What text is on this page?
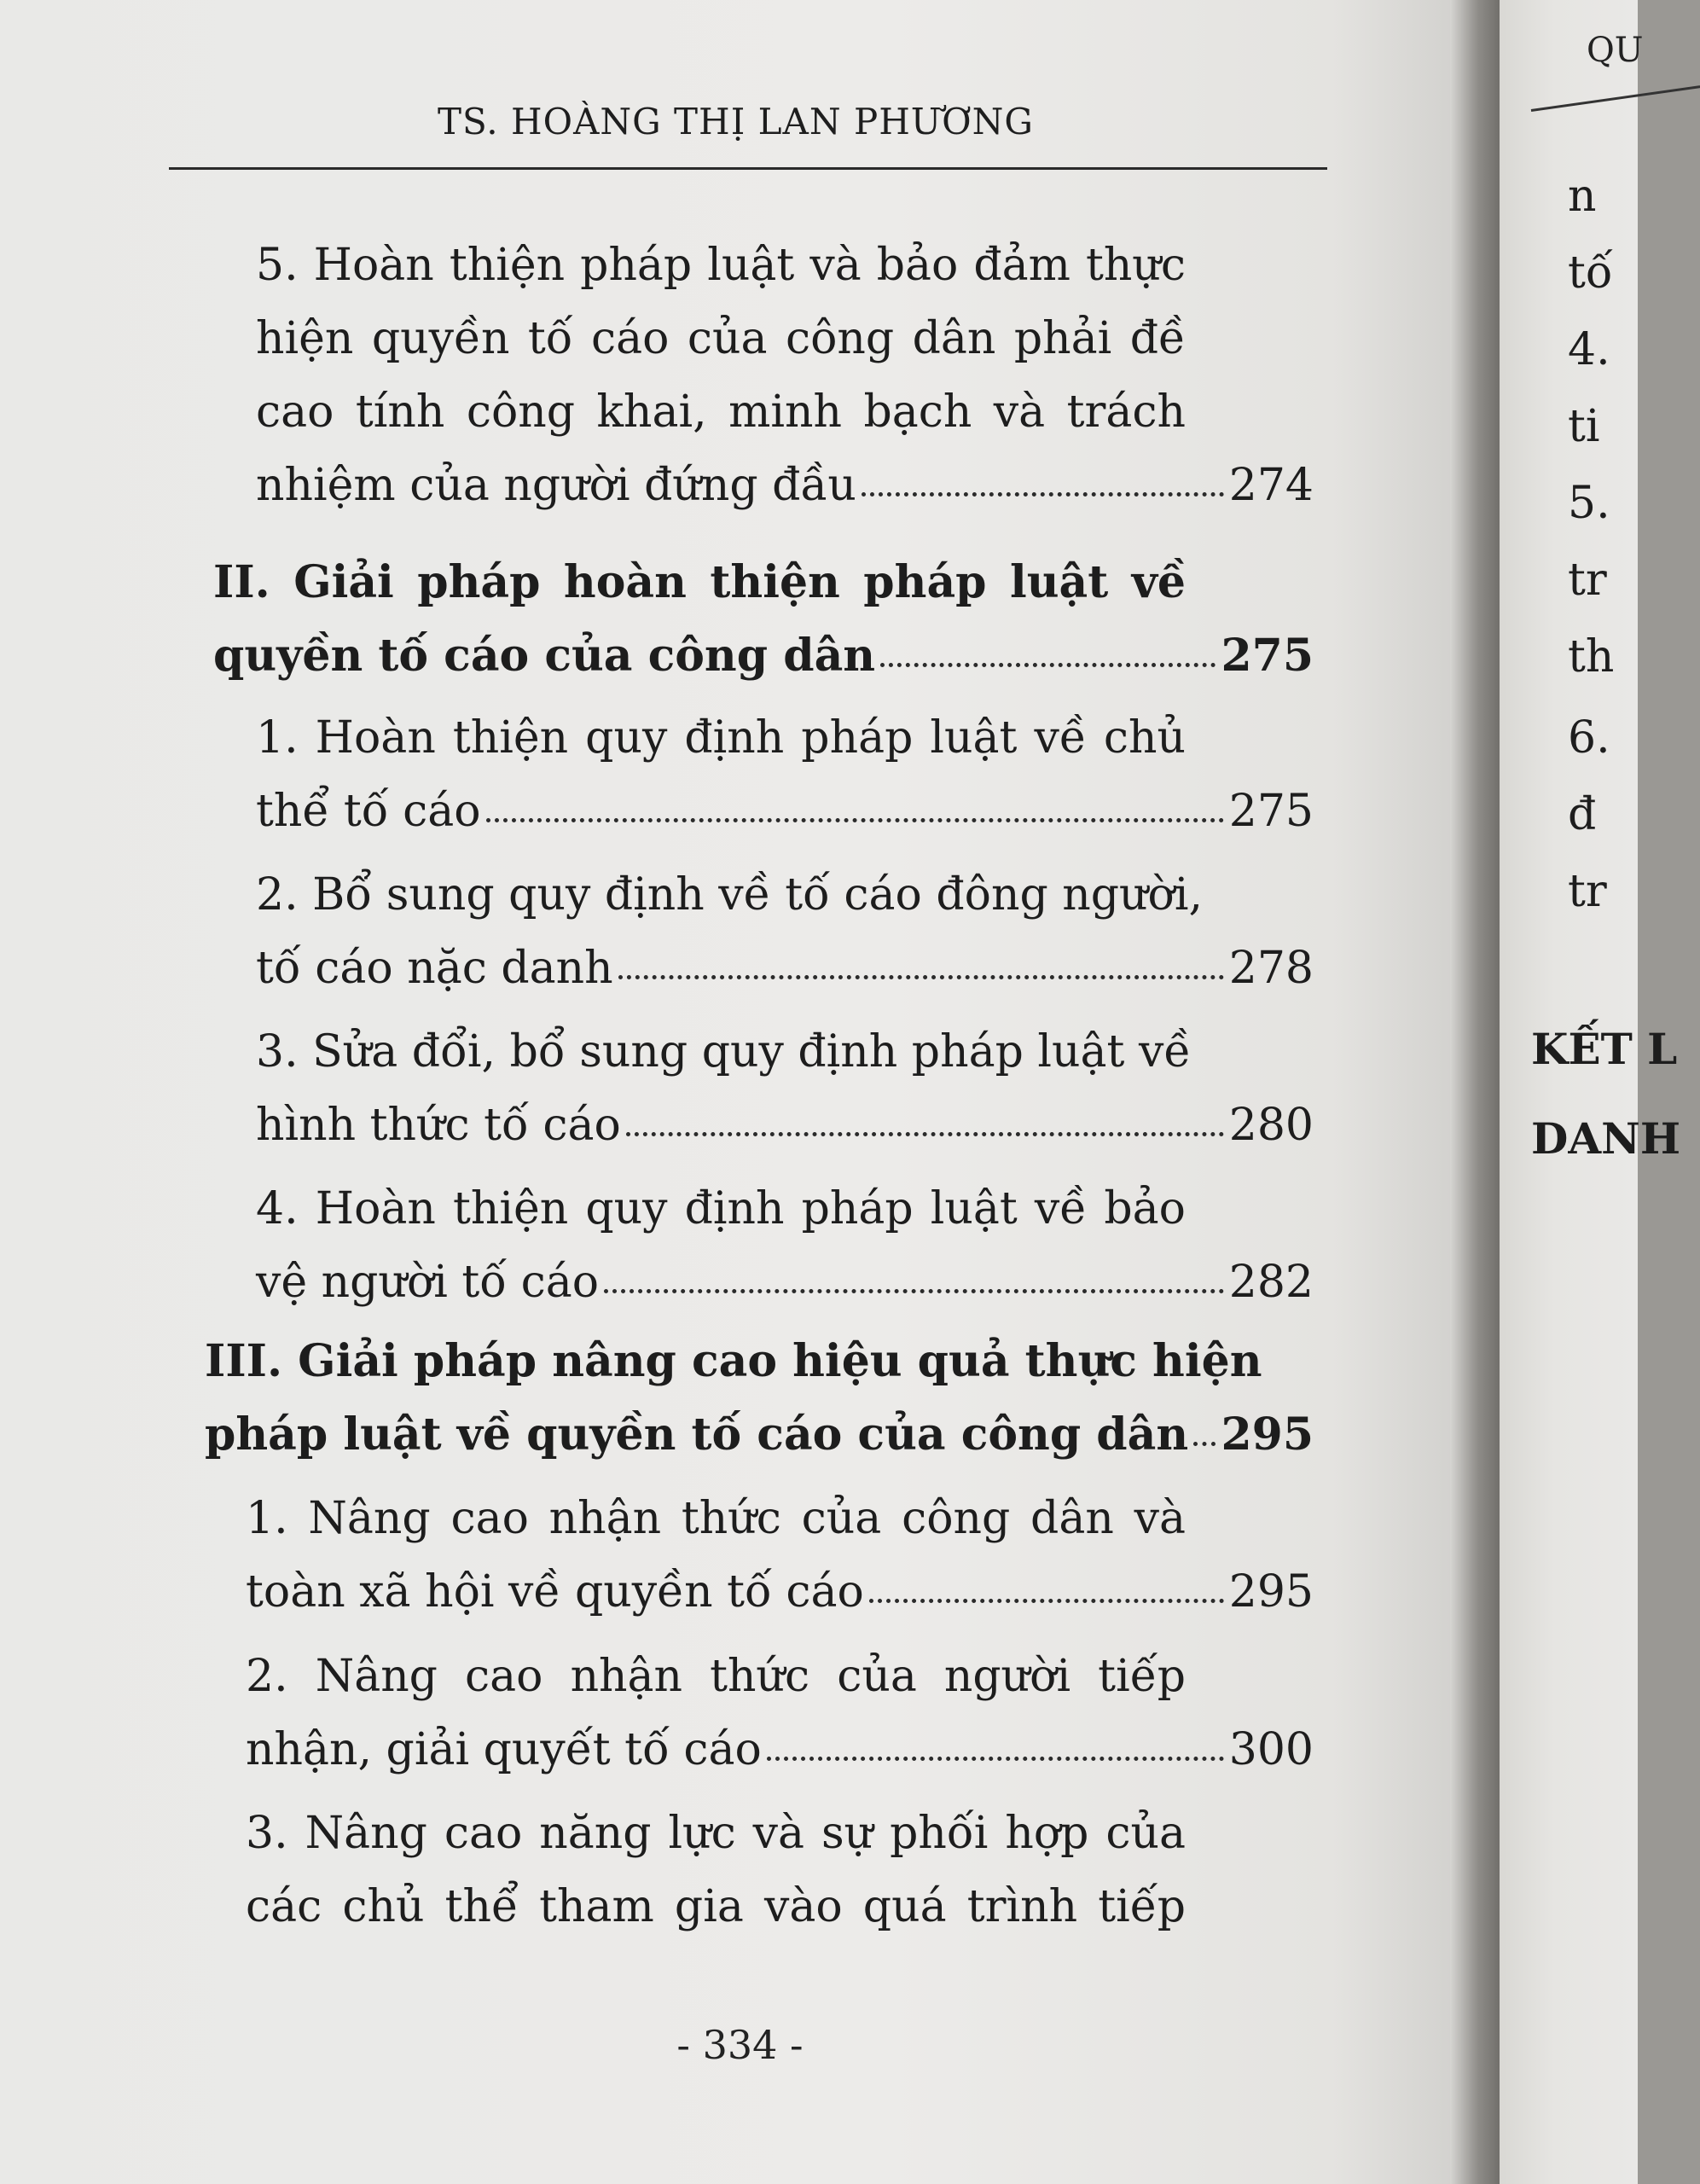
TS. HOÀNG THỊ LAN PHƯƠNG
5. Hoàn thiện pháp luật và bảo đảm thực
hiện quyền tố cáo của công dân phải đề
cao tính công khai, minh bạch và trách
nhiệm của người đứng đầu	274
II. Giải pháp hoàn thiện pháp luật về
quyền tố cáo của công dân	275
1. Hoàn thiện quy định pháp luật về chủ
thể tố cáo	275
2. Bổ sung quy định về tố cáo đông người,
tố cáo nặc danh	278
3. Sửa đổi, bổ sung quy định pháp luật về
hình thức tố cáo	280
4. Hoàn thiện quy định pháp luật về bảo
vệ người tố cáo	282
III. Giải pháp nâng cao hiệu quả thực hiện
pháp luật về quyền tố cáo của công dân 295
1. Nâng cao nhận thức của công dân và
toàn xã hội về quyền tố cáo	295
2. Nâng cao nhận thức của người tiếp
nhận, giải quyết tố cáo	300
3. Nâng cao năng lực và sự phối hợp của
các chủ thể tham gia vào quá trình tiếp
- 334 -
QU
n
tố
4.
ti
5.
tr
th
6.
đ
tr
KẾT L
DANH
